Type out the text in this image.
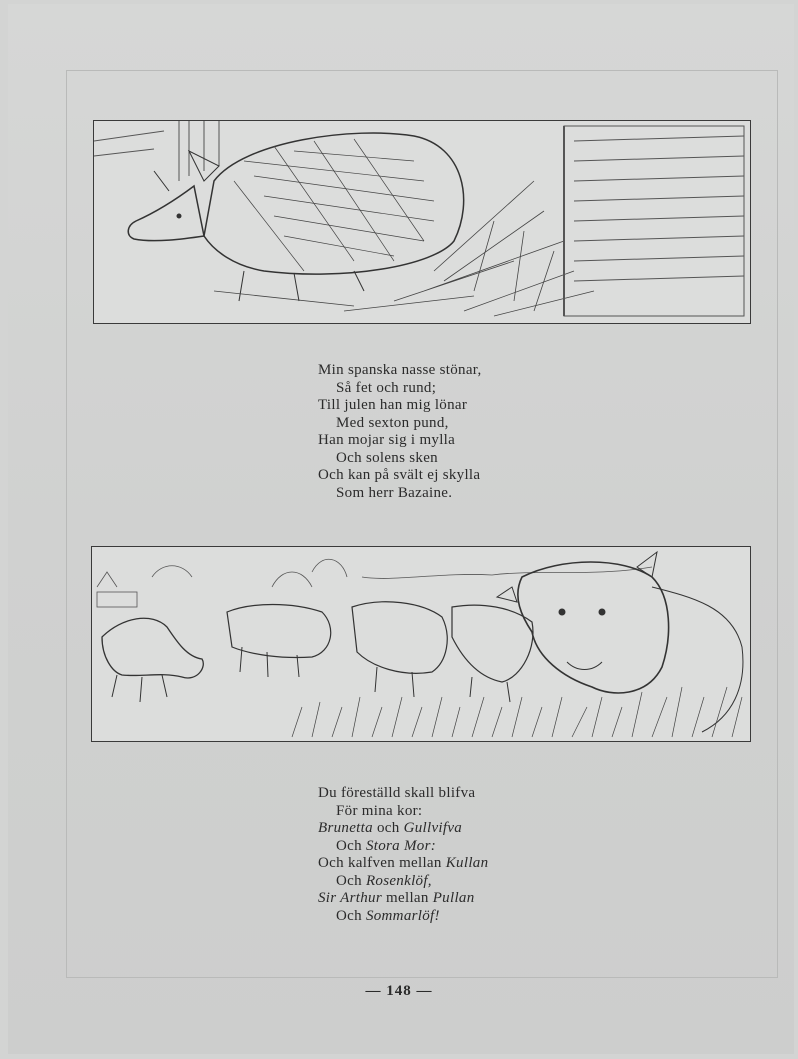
Min spanska nasse stönar,
Så fet och rund;
Till julen han mig lönar
Med sexton pund,
Han mojar sig i mylla
Och solens sken
Och kan på svält ej skylla
Som herr Bazaine.
Du föreställd skall blifva
För mina kor:
Brunetta och Gullvifva
Och Stora Mor:
Och kalfven mellan Kullan
Och Rosenklöf,
Sir Arthur mellan Pullan
Och Sommarlöf!
— 148 —
